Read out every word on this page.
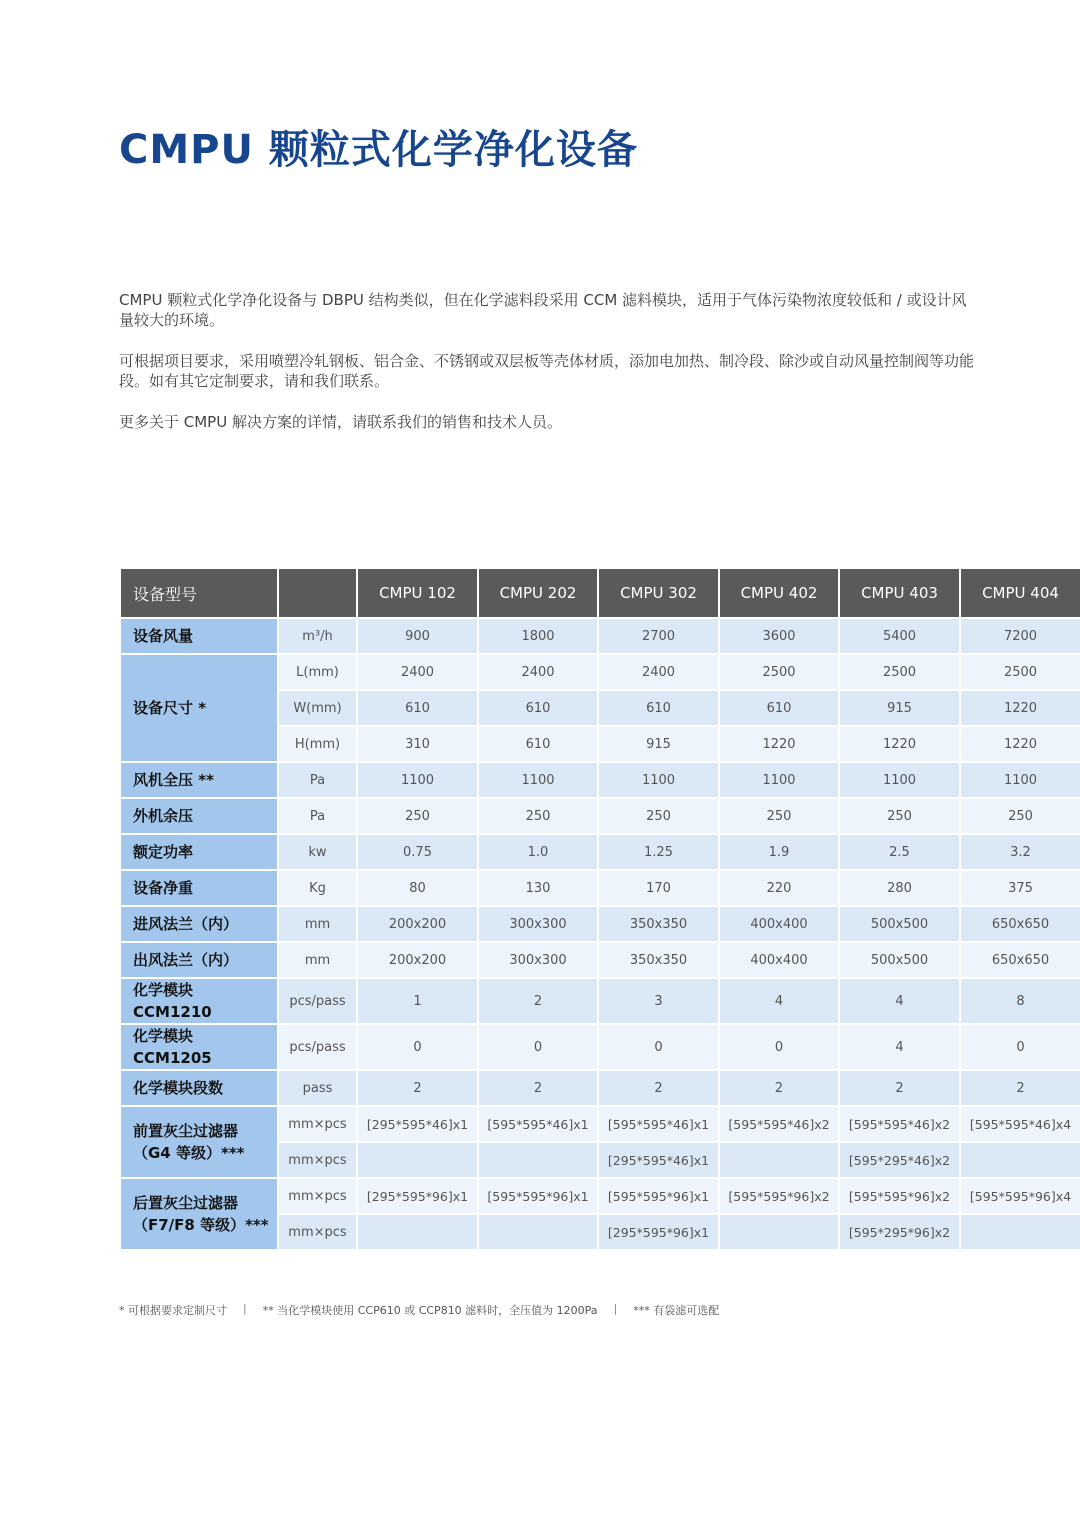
CMPU 颗粒式化学净化设备

CMPU 颗粒式化学净化设备与 DBPU 结构类似，但在化学滤料段采用 CCM 滤料模块，适用于气体污染物浓度较低和 / 或设计风量较大的环境。

可根据项目要求，采用喷塑冷轧钢板、铝合金、不锈钢或双层板等壳体材质，添加电加热、制冷段、除沙或自动风量控制阀等功能段。如有其它定制要求，请和我们联系。

更多关于 CMPU 解决方案的详情，请联系我们的销售和技术人员。

设备型号		CMPU 102	CMPU 202	CMPU 302	CMPU 402	CMPU 403	CMPU 404
设备风量	m³/h	900	1800	2700	3600	5400	7200
设备尺寸 *	L(mm)	2400	2400	2400	2500	2500	2500
	W(mm)	610	610	610	610	915	1220
	H(mm)	310	610	915	1220	1220	1220
风机全压 **	Pa	1100	1100	1100	1100	1100	1100
外机余压	Pa	250	250	250	250	250	250
额定功率	kw	0.75	1.0	1.25	1.9	2.5	3.2
设备净重	Kg	80	130	170	220	280	375
进风法兰（内）	mm	200x200	300x300	350x350	400x400	500x500	650x650
出风法兰（内）	mm	200x200	300x300	350x350	400x400	500x500	650x650
化学模块 CCM1210	pcs/pass	1	2	3	4	4	8
化学模块 CCM1205	pcs/pass	0	0	0	0	4	0
化学模块段数	pass	2	2	2	2	2	2
前置灰尘过滤器（G4 等级）***	mm×pcs	[295*595*46]x1	[595*595*46]x1	[595*595*46]x1	[595*595*46]x2	[595*595*46]x2	[595*595*46]x4
	mm×pcs			[295*595*46]x1		[595*295*46]x2	
后置灰尘过滤器（F7/F8 等级）***	mm×pcs	[295*595*96]x1	[595*595*96]x1	[595*595*96]x1	[595*595*96]x2	[595*595*96]x2	[595*595*96]x4
	mm×pcs			[295*595*96]x1		[595*295*96]x2	
* 可根据要求定制尺寸 | ** 当化学模块使用 CCP610 或 CCP810 滤料时，全压值为 1200Pa | *** 有袋滤可选配
